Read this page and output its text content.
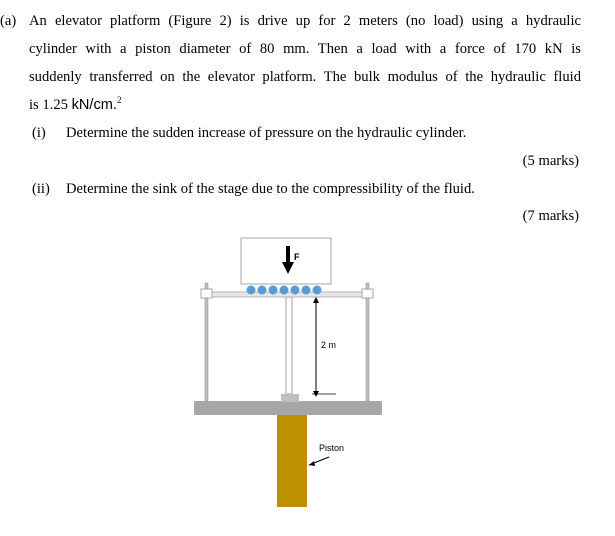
(a) An elevator platform (Figure 2) is drive up for 2 meters (no load) using a hydraulic
cylinder with a piston diameter of 80 mm. Then a load with a force of 170 kN is
suddenly transferred on the elevator platform. The bulk modulus of the hydraulic fluid
is 1.25 kN/cm.$^2$
(i) Determine the sudden increase of pressure on the hydraulic cylinder.
(5 marks)
(ii) Determine the sink of the stage due to the compressibility of the fluid.
(7 marks)
F
2 m
Piston
